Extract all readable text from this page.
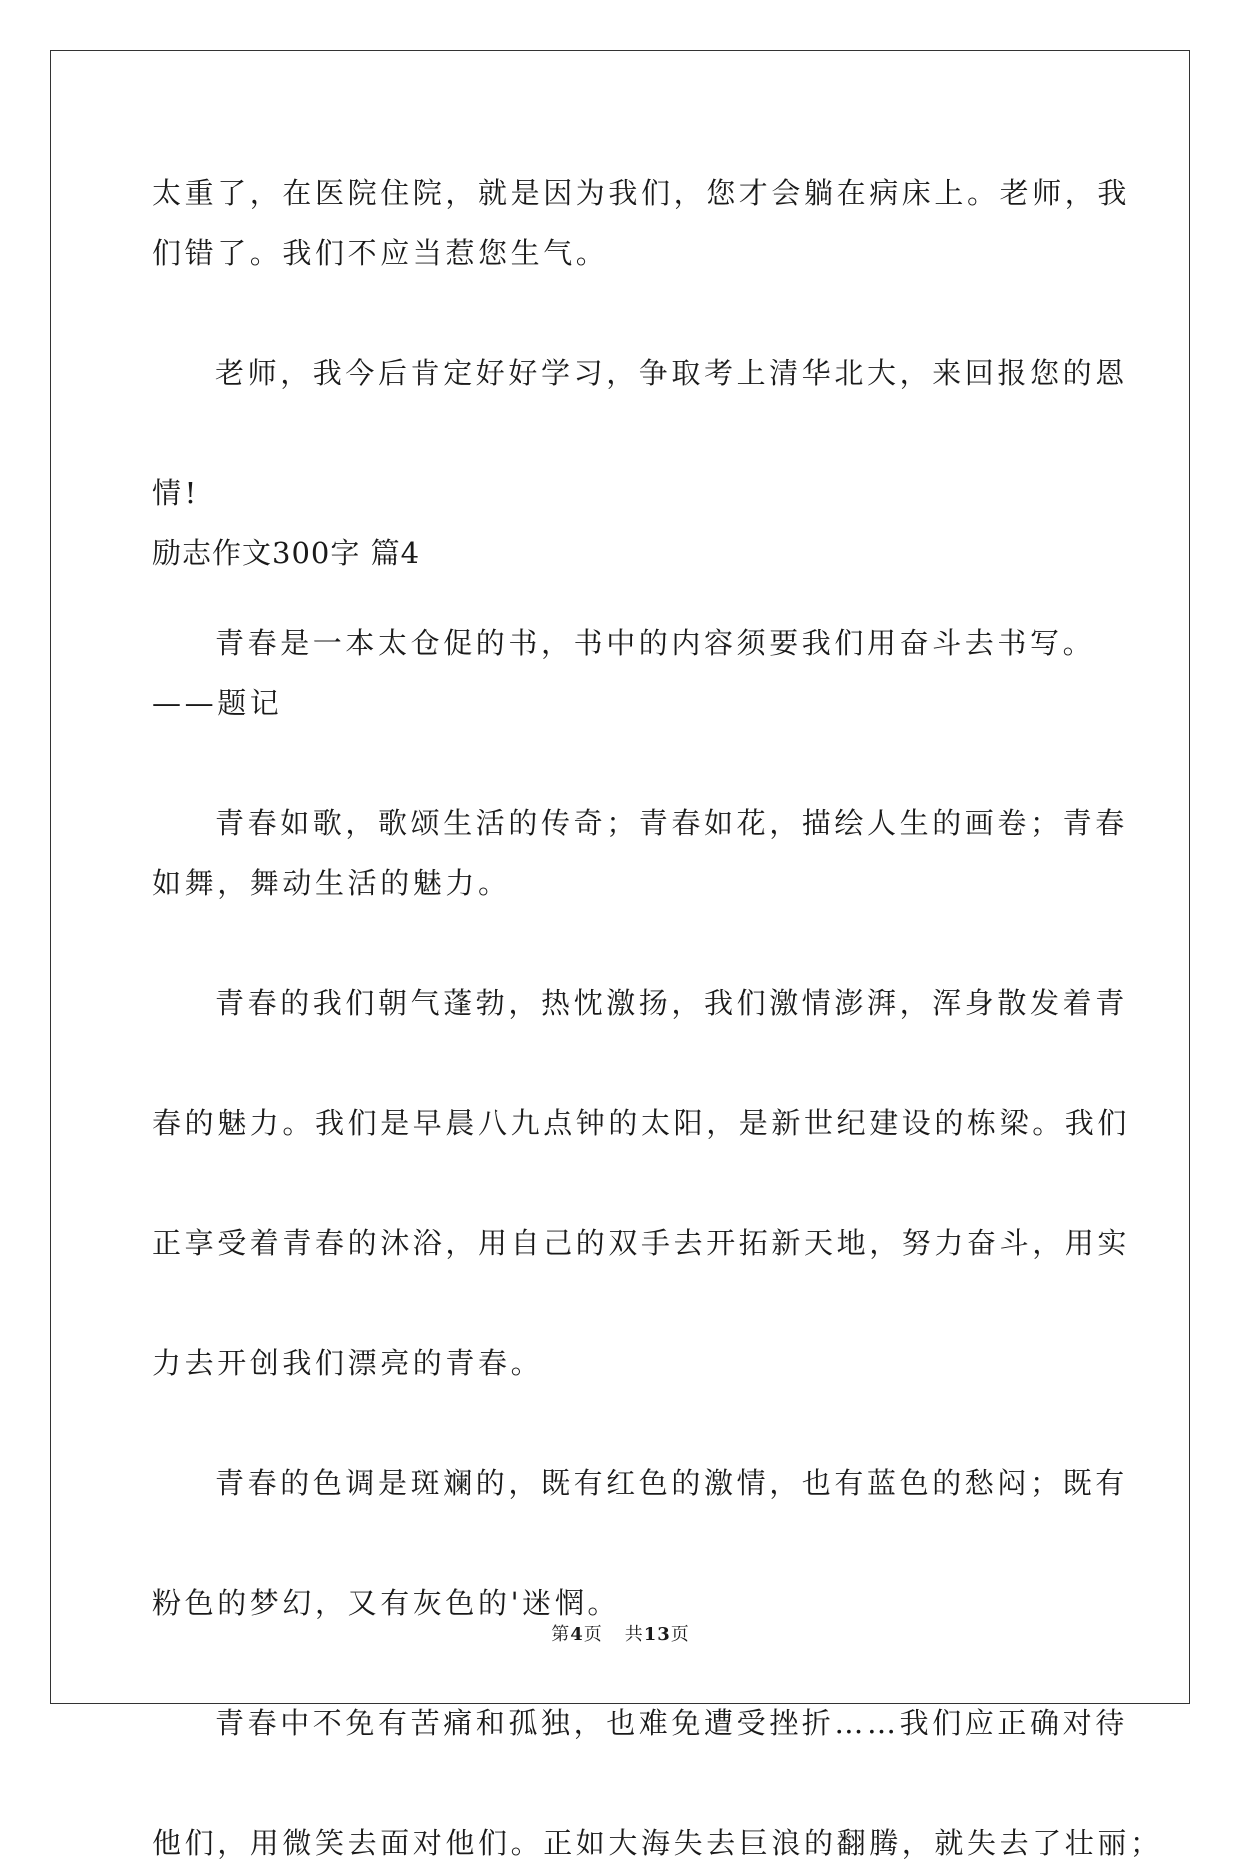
太重了，在医院住院，就是因为我们，您才会躺在病床上。老师，我

们错了。我们不应当惹您生气。

老师，我今后肯定好好学习，争取考上清华北大，来回报您的恩

情!

励志作文300字 篇4

青春是一本太仓促的书，书中的内容须要我们用奋斗去书写。

——题记

青春如歌，歌颂生活的传奇；青春如花，描绘人生的画卷；青春

如舞，舞动生活的魅力。

青春的我们朝气蓬勃，热忱激扬，我们激情澎湃，浑身散发着青

春的魅力。我们是早晨八九点钟的太阳，是新世纪建设的栋梁。我们

正享受着青春的沐浴，用自己的双手去开拓新天地，努力奋斗，用实

力去开创我们漂亮的青春。

青春的色调是斑斓的，既有红色的激情，也有蓝色的愁闷；既有

粉色的梦幻，又有灰色的'迷惘。

青春中不免有苦痛和孤独，也难免遭受挫折……我们应正确对待

他们，用微笑去面对他们。正如大海失去巨浪的翻腾，就失去了壮丽；

第4页 共13页
